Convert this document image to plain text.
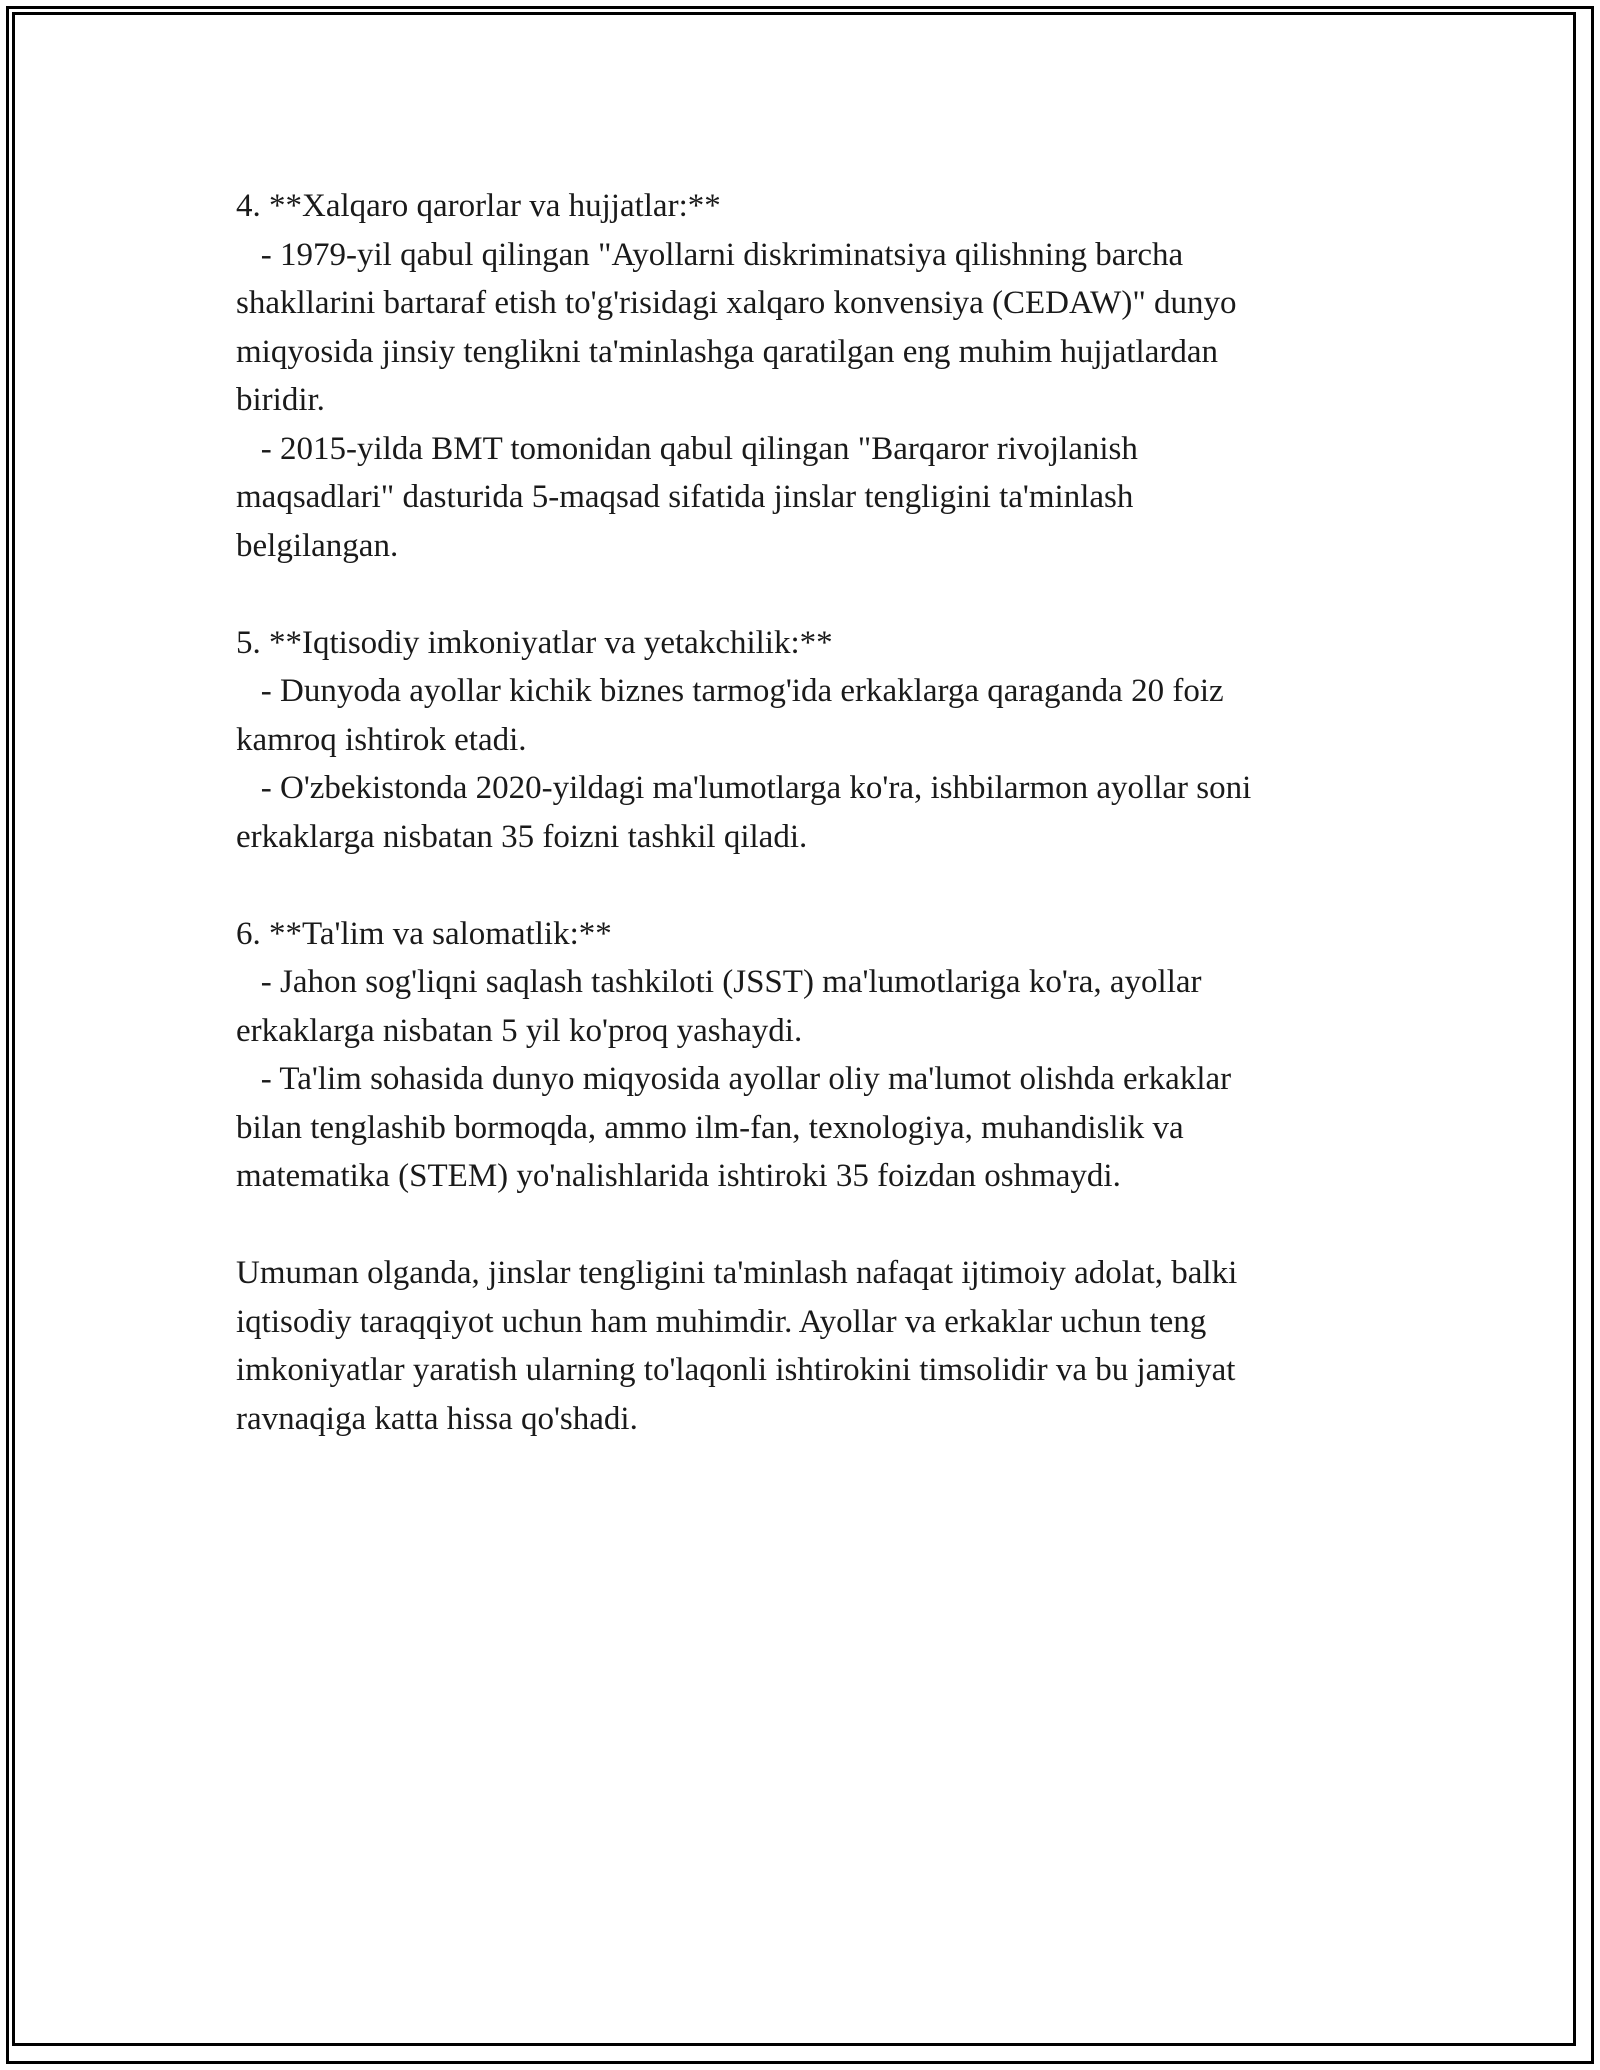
4. **Xalqaro qarorlar va hujjatlar:**
- 1979-yil qabul qilingan "Ayollarni diskriminatsiya qilishning barcha
shakllarini bartaraf etish to'g'risidagi xalqaro konvensiya (CEDAW)" dunyo
miqyosida jinsiy tenglikni ta'minlashga qaratilgan eng muhim hujjatlardan
biridir.
- 2015-yilda BMT tomonidan qabul qilingan "Barqaror rivojlanish
maqsadlari" dasturida 5-maqsad sifatida jinslar tengligini ta'minlash
belgilangan.
5. **Iqtisodiy imkoniyatlar va yetakchilik:**
- Dunyoda ayollar kichik biznes tarmog'ida erkaklarga qaraganda 20 foiz
kamroq ishtirok etadi.
- O'zbekistonda 2020-yildagi ma'lumotlarga ko'ra, ishbilarmon ayollar soni
erkaklarga nisbatan 35 foizni tashkil qiladi.
6. **Ta'lim va salomatlik:**
- Jahon sog'liqni saqlash tashkiloti (JSST) ma'lumotlariga ko'ra, ayollar
erkaklarga nisbatan 5 yil ko'proq yashaydi.
- Ta'lim sohasida dunyo miqyosida ayollar oliy ma'lumot olishda erkaklar
bilan tenglashib bormoqda, ammo ilm-fan, texnologiya, muhandislik va
matematika (STEM) yo'nalishlarida ishtiroki 35 foizdan oshmaydi.
Umuman olganda, jinslar tengligini ta'minlash nafaqat ijtimoiy adolat, balki
iqtisodiy taraqqiyot uchun ham muhimdir. Ayollar va erkaklar uchun teng
imkoniyatlar yaratish ularning to'laqonli ishtirokini timsolidir va bu jamiyat
ravnaqiga katta hissa qo'shadi.
